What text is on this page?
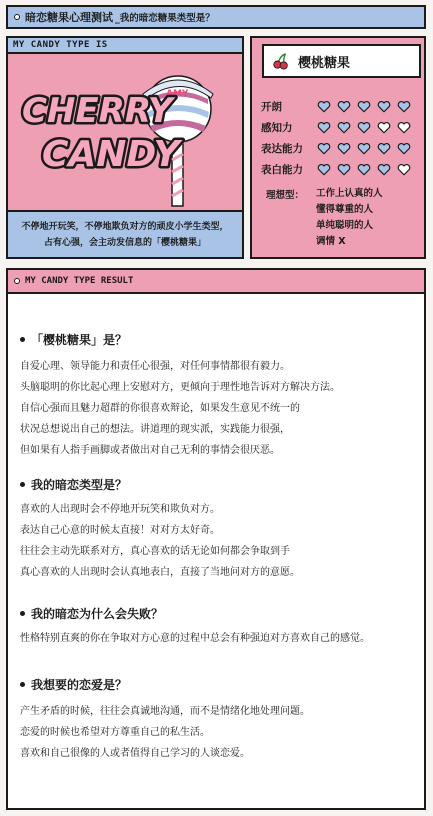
暗恋糖果心理测试 _我的暗恋糖果类型是？
MY CANDY TYPE IS
AMY
CHERRY
CANDY
不停地开玩笑，不停地欺负对方的顽皮小学生类型，
占有心强，会主动发信息的「樱桃糖果」
樱桃糖果
开朗
感知力
表达能力
表白能力
理想型：	工作上认真的人
懂得尊重的人
单纯聪明的人
调情 X
MY CANDY TYPE RESULT
「樱桃糖果」是？

自爱心理、领导能力和责任心很强，对任何事情都很有毅力。

头脑聪明的你比起心理上安慰对方，更倾向于理性地告诉对方解决方法。

自信心强而且魅力超群的你很喜欢辩论，如果发生意见不统一的

状况总想说出自己的想法。讲道理的现实派，实践能力很强，

但如果有人指手画脚或者做出对自己无利的事情会很厌恶。

我的暗恋类型是？

喜欢的人出现时会不停地开玩笑和欺负对方。

表达自己心意的时候太直接！对对方太好奇。

往往会主动先联系对方，真心喜欢的话无论如何都会争取到手

真心喜欢的人出现时会认真地表白，直接了当地问对方的意愿。

我的暗恋为什么会失败？

性格特别直爽的你在争取对方心意的过程中总会有种强迫对方喜欢自己的感觉。

我想要的恋爱是？

产生矛盾的时候，往往会真诚地沟通，而不是情绪化地处理问题。

恋爱的时候也希望对方尊重自己的私生活。

喜欢和自己很像的人或者值得自己学习的人谈恋爱。
